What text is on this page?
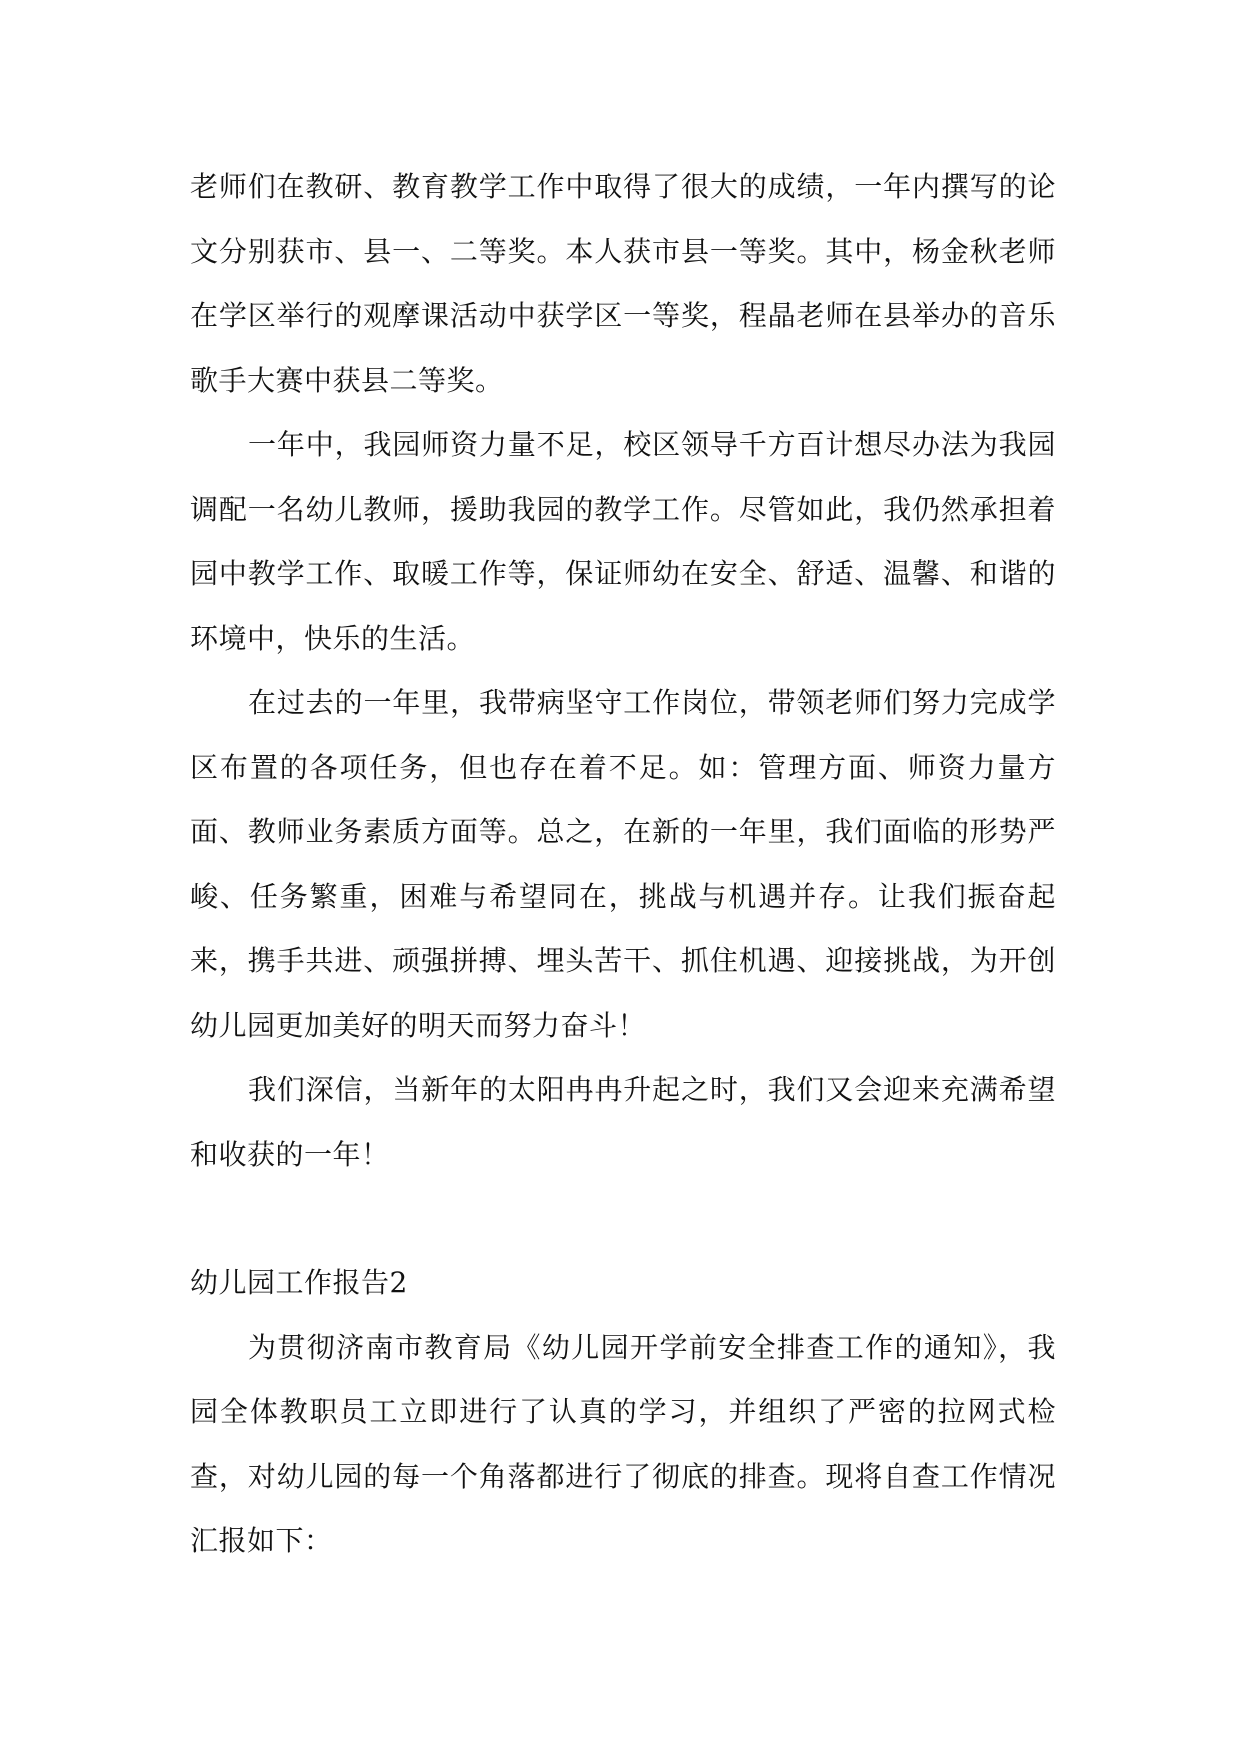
老师们在教研、教育教学工作中取得了很大的成绩，一年内撰写的论文分别获市、县一、二等奖。本人获市县一等奖。其中，杨金秋老师在学区举行的观摩课活动中获学区一等奖，程晶老师在县举办的音乐歌手大赛中获县二等奖。

一年中，我园师资力量不足，校区领导千方百计想尽办法为我园调配一名幼儿教师，援助我园的教学工作。尽管如此，我仍然承担着园中教学工作、取暖工作等，保证师幼在安全、舒适、温馨、和谐的环境中，快乐的生活。

在过去的一年里，我带病坚守工作岗位，带领老师们努力完成学区布置的各项任务，但也存在着不足。如：管理方面、师资力量方面、教师业务素质方面等。总之，在新的一年里，我们面临的形势严峻、任务繁重，困难与希望同在，挑战与机遇并存。让我们振奋起来，携手共进、顽强拼搏、埋头苦干、抓住机遇、迎接挑战，为开创幼儿园更加美好的明天而努力奋斗！

我们深信，当新年的太阳冉冉升起之时，我们又会迎来充满希望和收获的一年！

幼儿园工作报告2

为贯彻济南市教育局《幼儿园开学前安全排查工作的通知》，我园全体教职员工立即进行了认真的学习，并组织了严密的拉网式检查，对幼儿园的每一个角落都进行了彻底的排查。现将自查工作情况汇报如下：
